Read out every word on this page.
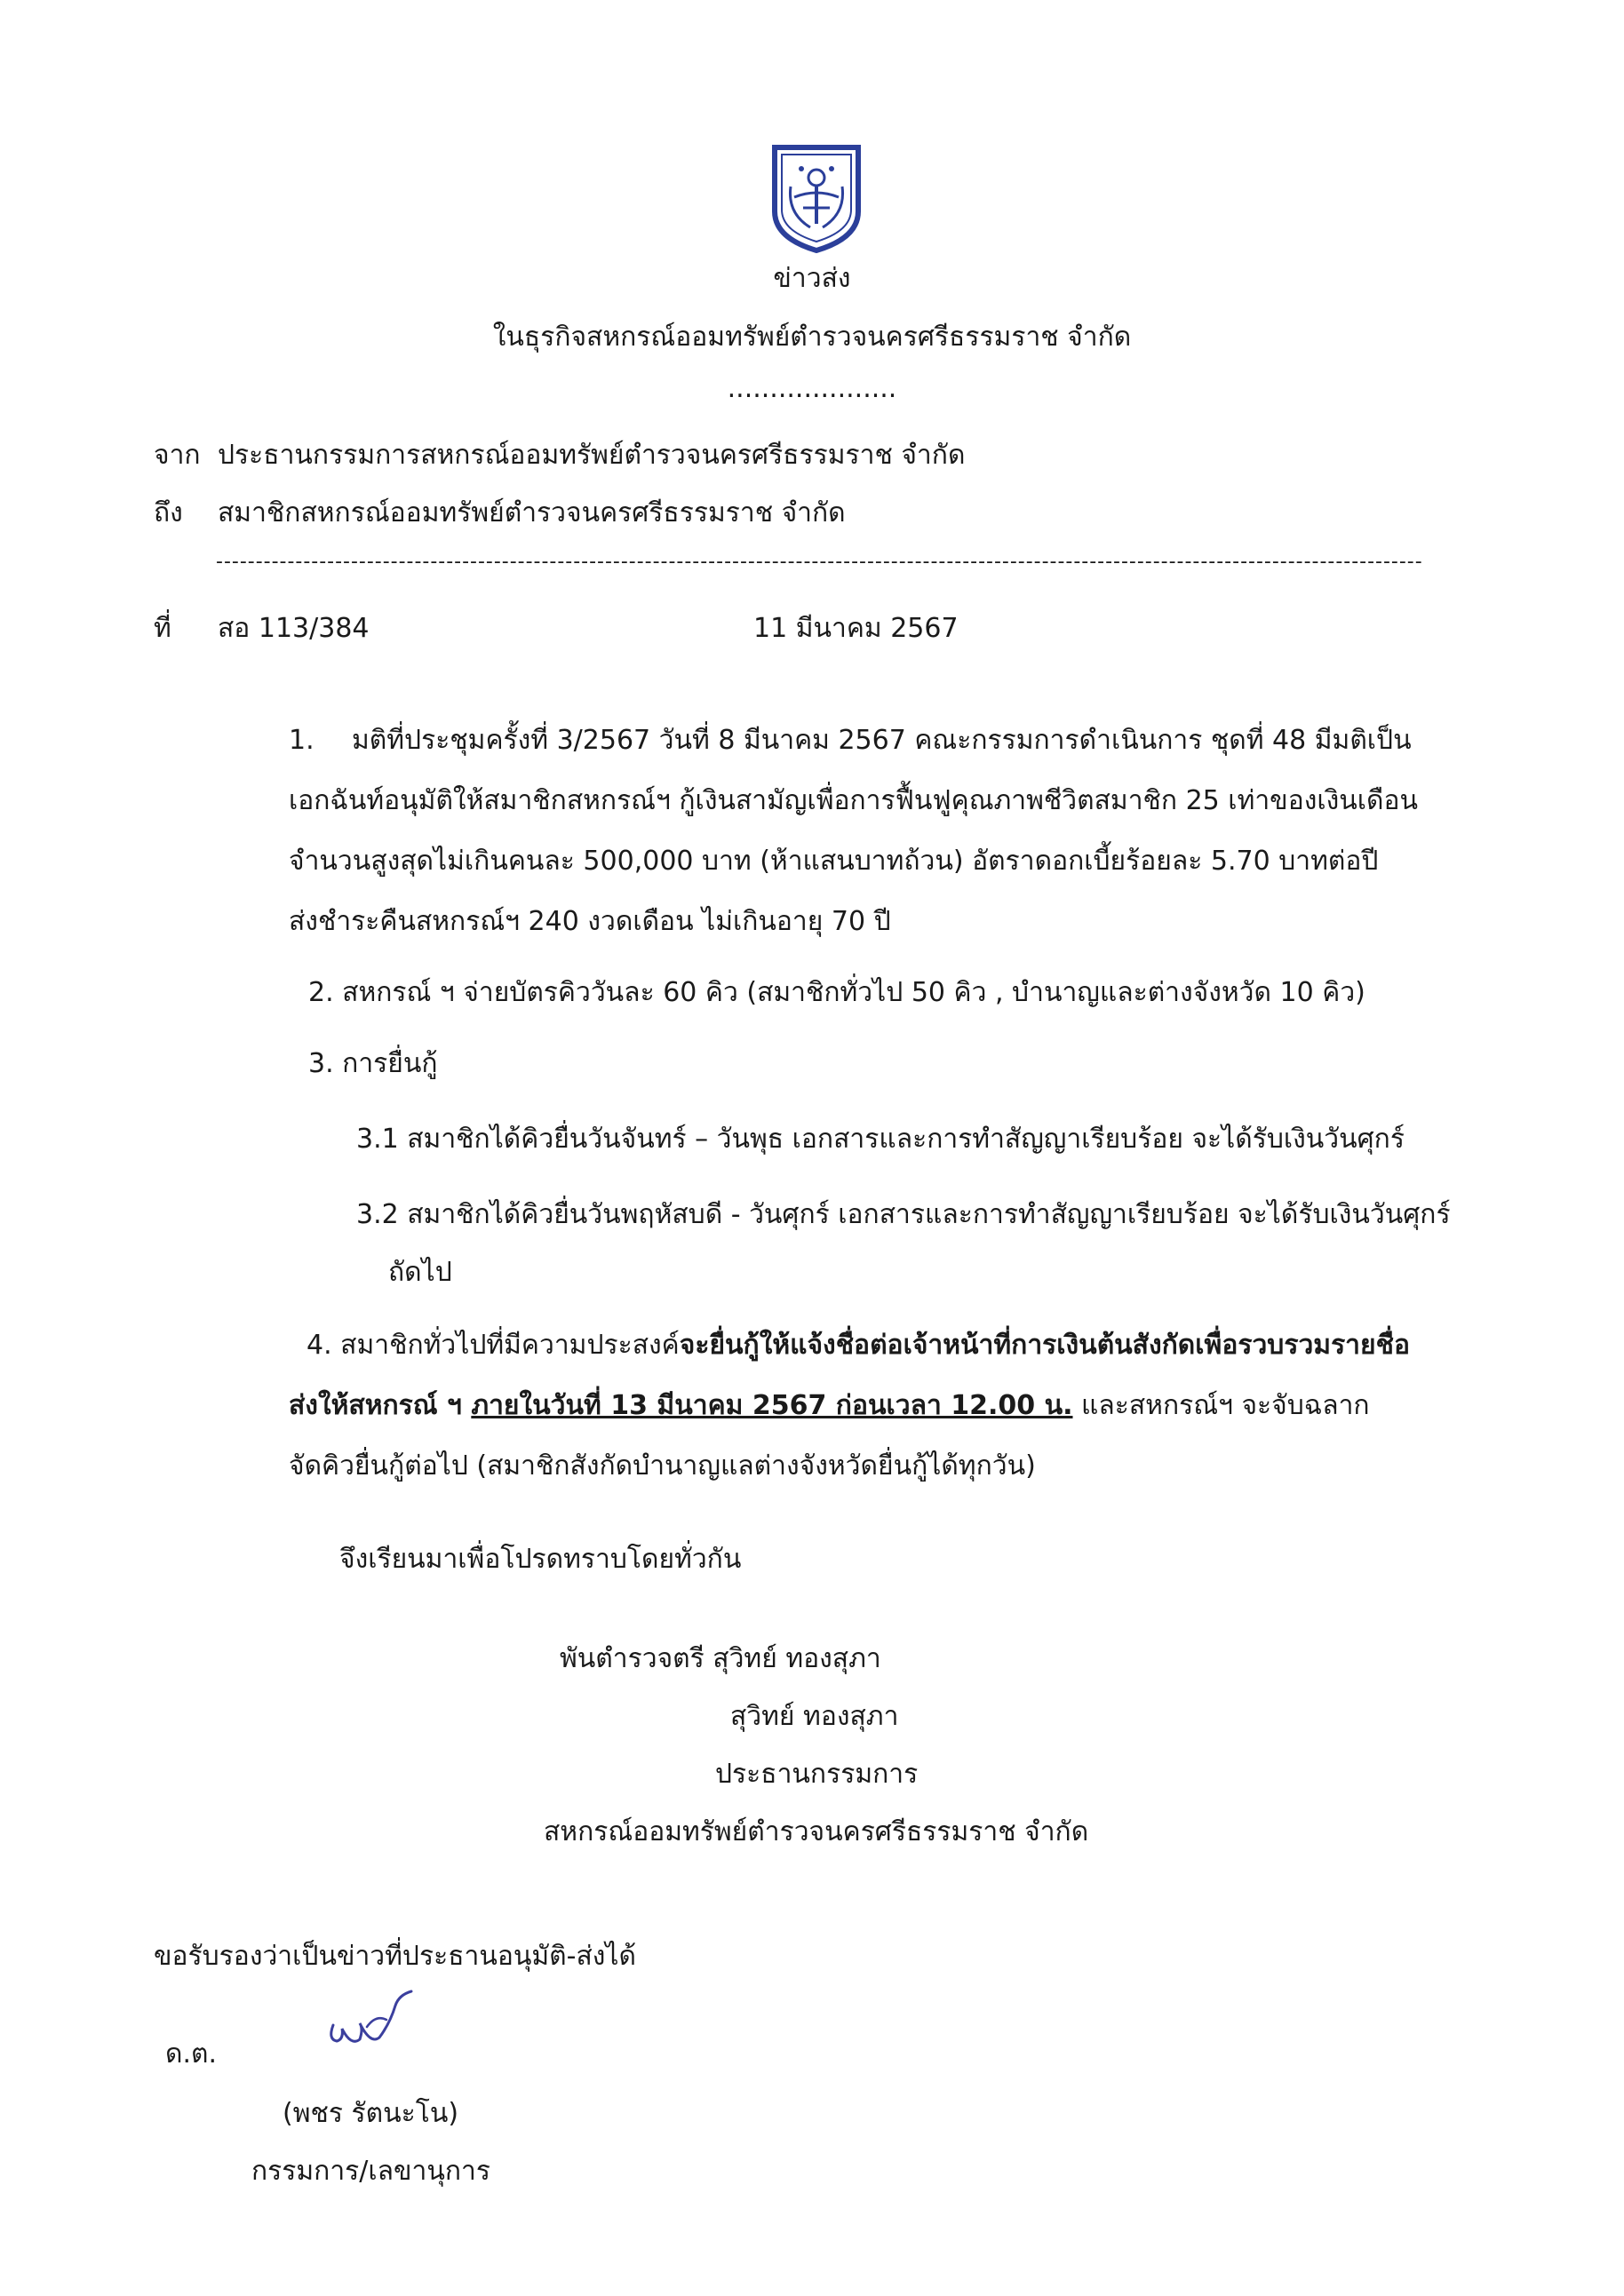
ข่าวส่ง
ในธุรกิจสหกรณ์ออมทรัพย์ตำรวจนครศรีธรรมราช จำกัด
....................
จาก ประธานกรรมการสหกรณ์ออมทรัพย์ตำรวจนครศรีธรรมราช จำกัด
ถึง สมาชิกสหกรณ์ออมทรัพย์ตำรวจนครศรีธรรมราช จำกัด
--------------------------------------------------------------------------------------------------------------------------------------------------------
ที่ สอ 113/384	11 มีนาคม 2567
1. มติที่ประชุมครั้งที่ 3/2567 วันที่ 8 มีนาคม 2567 คณะกรรมการดำเนินการ ชุดที่ 48 มีมติเป็น
เอกฉันท์อนุมัติให้สมาชิกสหกรณ์ฯ กู้เงินสามัญเพื่อการฟื้นฟูคุณภาพชีวิตสมาชิก 25 เท่าของเงินเดือน
จำนวนสูงสุดไม่เกินคนละ 500,000 บาท (ห้าแสนบาทถ้วน) อัตราดอกเบี้ยร้อยละ 5.70 บาทต่อปี
ส่งชำระคืนสหกรณ์ฯ 240 งวดเดือน ไม่เกินอายุ 70 ปี
2. สหกรณ์ ฯ จ่ายบัตรคิววันละ 60 คิว (สมาชิกทั่วไป 50 คิว , บำนาญและต่างจังหวัด 10 คิว)
3. การยื่นกู้
3.1 สมาชิกได้คิวยื่นวันจันทร์ – วันพุธ เอกสารและการทำสัญญาเรียบร้อย จะได้รับเงินวันศุกร์
3.2 สมาชิกได้คิวยื่นวันพฤหัสบดี - วันศุกร์ เอกสารและการทำสัญญาเรียบร้อย จะได้รับเงินวันศุกร์
ถัดไป
4. สมาชิกทั่วไปที่มีความประสงค์จะยื่นกู้ให้แจ้งชื่อต่อเจ้าหน้าที่การเงินต้นสังกัดเพื่อรวบรวมรายชื่อ
ส่งให้สหกรณ์ ฯ ภายในวันที่ 13 มีนาคม 2567 ก่อนเวลา 12.00 น. และสหกรณ์ฯ จะจับฉลาก
จัดคิวยื่นกู้ต่อไป (สมาชิกสังกัดบำนาญแลต่างจังหวัดยื่นกู้ได้ทุกวัน)
จึงเรียนมาเพื่อโปรดทราบโดยทั่วกัน
พันตำรวจตรี สุวิทย์ ทองสุภา
สุวิทย์ ทองสุภา
ประธานกรรมการ
สหกรณ์ออมทรัพย์ตำรวจนครศรีธรรมราช จำกัด
ขอรับรองว่าเป็นข่าวที่ประธานอนุมัติ-ส่งได้
ด.ต.
(พชร รัตนะโน)
กรรมการ/เลขานุการ
